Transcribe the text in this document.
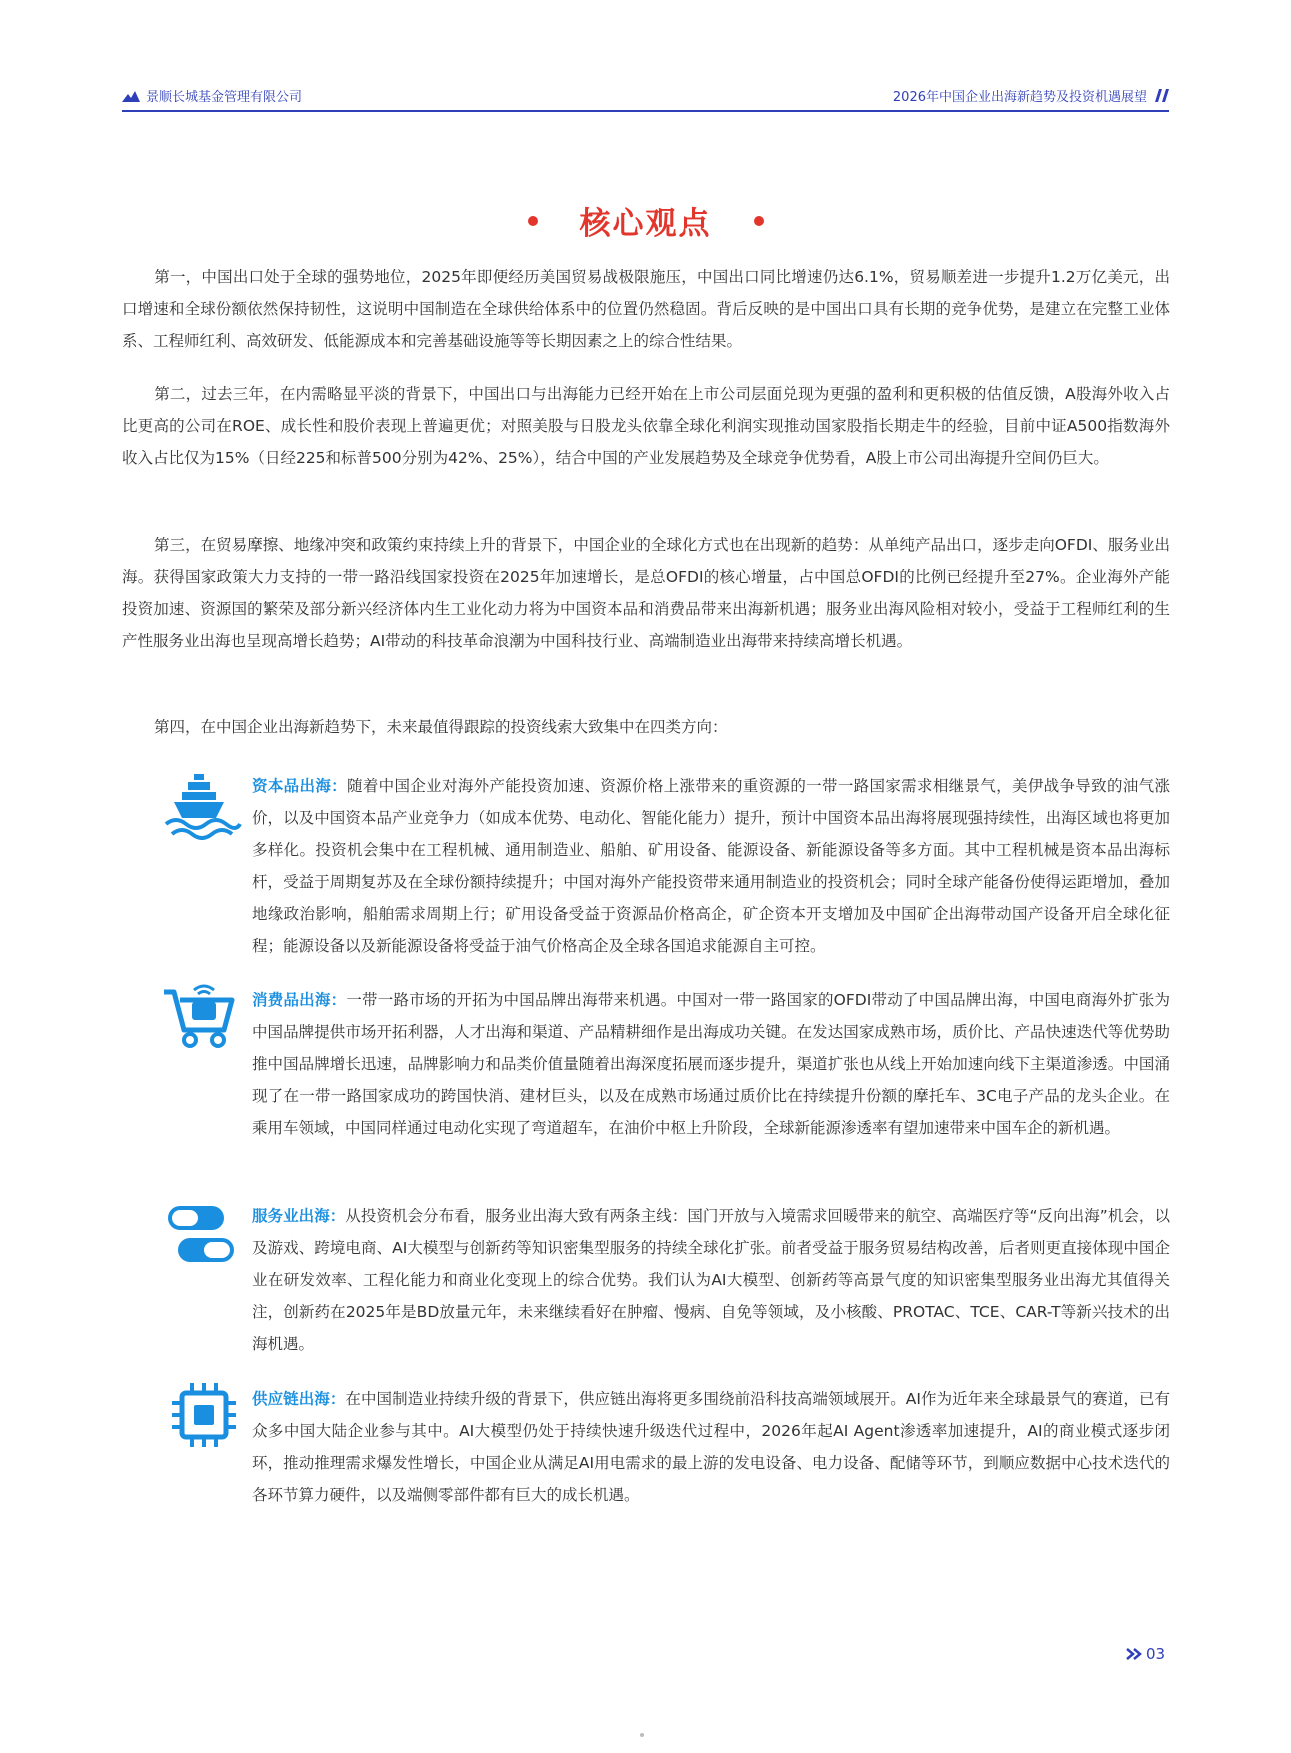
景顺长城基金管理有限公司	2026年中国企业出海新趋势及投资机遇展望
核心观点

第一，中国出口处于全球的强势地位，2025年即便经历美国贸易战极限施压，中国出口同比增速仍达6.1%，贸易顺差进一步提升1.2万亿美元，出口增速和全球份额依然保持韧性，这说明中国制造在全球供给体系中的位置仍然稳固。背后反映的是中国出口具有长期的竞争优势，是建立在完整工业体系、工程师红利、高效研发、低能源成本和完善基础设施等等长期因素之上的综合性结果。

第二，过去三年，在内需略显平淡的背景下，中国出口与出海能力已经开始在上市公司层面兑现为更强的盈利和更积极的估值反馈，A股海外收入占比更高的公司在ROE、成长性和股价表现上普遍更优；对照美股与日股龙头依靠全球化利润实现推动国家股指长期走牛的经验，目前中证A500指数海外收入占比仅为15%（日经225和标普500分别为42%、25%），结合中国的产业发展趋势及全球竞争优势看，A股上市公司出海提升空间仍巨大。

第三，在贸易摩擦、地缘冲突和政策约束持续上升的背景下，中国企业的全球化方式也在出现新的趋势：从单纯产品出口，逐步走向OFDI、服务业出海。获得国家政策大力支持的一带一路沿线国家投资在2025年加速增长，是总OFDI的核心增量，占中国总OFDI的比例已经提升至27%。企业海外产能投资加速、资源国的繁荣及部分新兴经济体内生工业化动力将为中国资本品和消费品带来出海新机遇；服务业出海风险相对较小，受益于工程师红利的生产性服务业出海也呈现高增长趋势；AI带动的科技革命浪潮为中国科技行业、高端制造业出海带来持续高增长机遇。

第四，在中国企业出海新趋势下，未来最值得跟踪的投资线索大致集中在四类方向：

资本品出海：随着中国企业对海外产能投资加速、资源价格上涨带来的重资源的一带一路国家需求相继景气，美伊战争导致的油气涨价，以及中国资本品产业竞争力（如成本优势、电动化、智能化能力）提升，预计中国资本品出海将展现强持续性，出海区域也将更加多样化。投资机会集中在工程机械、通用制造业、船舶、矿用设备、能源设备、新能源设备等多方面。其中工程机械是资本品出海标杆，受益于周期复苏及在全球份额持续提升；中国对海外产能投资带来通用制造业的投资机会；同时全球产能备份使得运距增加，叠加地缘政治影响，船舶需求周期上行；矿用设备受益于资源品价格高企，矿企资本开支增加及中国矿企出海带动国产设备开启全球化征程；能源设备以及新能源设备将受益于油气价格高企及全球各国追求能源自主可控。

消费品出海：一带一路市场的开拓为中国品牌出海带来机遇。中国对一带一路国家的OFDI带动了中国品牌出海，中国电商海外扩张为中国品牌提供市场开拓利器，人才出海和渠道、产品精耕细作是出海成功关键。在发达国家成熟市场，质价比、产品快速迭代等优势助推中国品牌增长迅速，品牌影响力和品类价值量随着出海深度拓展而逐步提升，渠道扩张也从线上开始加速向线下主渠道渗透。中国涌现了在一带一路国家成功的跨国快消、建材巨头，以及在成熟市场通过质价比在持续提升份额的摩托车、3C电子产品的龙头企业。在乘用车领域，中国同样通过电动化实现了弯道超车，在油价中枢上升阶段，全球新能源渗透率有望加速带来中国车企的新机遇。

服务业出海：从投资机会分布看，服务业出海大致有两条主线：国门开放与入境需求回暖带来的航空、高端医疗等“反向出海”机会，以及游戏、跨境电商、AI大模型与创新药等知识密集型服务的持续全球化扩张。前者受益于服务贸易结构改善，后者则更直接体现中国企业在研发效率、工程化能力和商业化变现上的综合优势。我们认为AI大模型、创新药等高景气度的知识密集型服务业出海尤其值得关注，创新药在2025年是BD放量元年，未来继续看好在肿瘤、慢病、自免等领域，及小核酸、PROTAC、TCE、CAR-T等新兴技术的出海机遇。

供应链出海：在中国制造业持续升级的背景下，供应链出海将更多围绕前沿科技高端领域展开。AI作为近年来全球最景气的赛道，已有众多中国大陆企业参与其中。AI大模型仍处于持续快速升级迭代过程中，2026年起AI Agent渗透率加速提升，AI的商业模式逐步闭环，推动推理需求爆发性增长，中国企业从满足AI用电需求的最上游的发电设备、电力设备、配储等环节，到顺应数据中心技术迭代的各环节算力硬件，以及端侧零部件都有巨大的成长机遇。

03
